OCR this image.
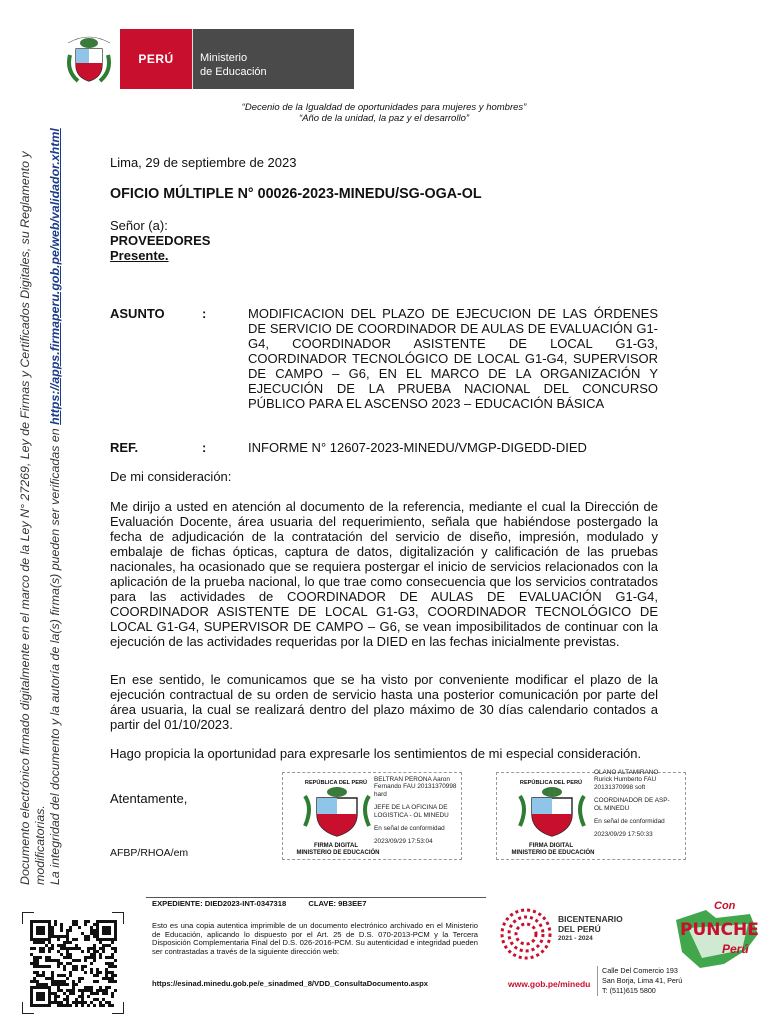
PERÚ	Ministerio
de Educación
“Decenio de la Igualdad de oportunidades para mujeres y hombres”
“Año de la unidad, la paz y el desarrollo”
Documento electrónico firmado digitalmente en el marco de la Ley N° 27269, Ley de Firmas y Certificados Digitales, su Reglamento y modificatorias. La integridad del documento y la autoría de la(s) firma(s) pueden ser verificadas en https://apps.firmaperu.gob.pe/web/validador.xhtml	Lima, 29 de septiembre de 2023
OFICIO MÚLTIPLE N° 00026-2023-MINEDU/SG-OGA-OL
Señor (a):
PROVEEDORES
Presente.
ASUNTO	:	MODIFICACION DEL PLAZO DE EJECUCION DE LAS ÓRDENES DE SERVICIO DE COORDINADOR DE AULAS DE EVALUACIÓN G1-G4, COORDINADOR ASISTENTE DE LOCAL G1-G3, COORDINADOR TECNOLÓGICO DE LOCAL G1-G4, SUPERVISOR DE CAMPO – G6, EN EL MARCO DE LA ORGANIZACIÓN Y EJECUCIÓN DE LA PRUEBA NACIONAL DEL CONCURSO PÚBLICO PARA EL ASCENSO 2023 – EDUCACIÓN BÁSICA
REF.	:	INFORME N° 12607-2023-MINEDU/VMGP-DIGEDD-DIED
De mi consideración:
Me dirijo a usted en atención al documento de la referencia, mediante el cual la Dirección de Evaluación Docente, área usuaria del requerimiento, señala que habiéndose postergado la fecha de adjudicación de la contratación del servicio de diseño, impresión, modulado y embalaje de fichas ópticas, captura de datos, digitalización y calificación de las pruebas nacionales, ha ocasionado que se requiera postergar el inicio de servicios relacionados con la aplicación de la prueba nacional, lo que trae como consecuencia que los servicios contratados para las actividades de COORDINADOR DE AULAS DE EVALUACIÓN G1-G4, COORDINADOR ASISTENTE DE LOCAL G1-G3, COORDINADOR TECNOLÓGICO DE LOCAL G1-G4, SUPERVISOR DE CAMPO – G6, se vean imposibilitados de continuar con la ejecución de las actividades requeridas por la DIED en las fechas inicialmente previstas.
En ese sentido, le comunicamos que se ha visto por conveniente modificar el plazo de la ejecución contractual de su orden de servicio hasta una posterior comunicación por parte del área usuaria, la cual se realizará dentro del plazo máximo de 30 días calendario contados a partir del 01/10/2023.
Hago propicia la oportunidad para expresarle los sentimientos de mi especial consideración.
Atentamente,
AFBP/RHOA/em
REPÚBLICA DEL PERÚ
FIRMA DIGITAL
MINISTERIO DE EDUCACIÓN
BELTRAN PERONA Aaron
Fernando FAU 20131370998
hard
JEFE DE LA OFICINA DE
LOGISTICA - OL MINEDU
En señal de conformidad
2023/09/29 17:53:04
REPÚBLICA DEL PERÚ
FIRMA DIGITAL
MINISTERIO DE EDUCACIÓN
OLANO ALTAMIRANO
Rurick Humberto FAU
20131370998 soft
COORDINADOR DE ASP-
OL MINEDU
En señal de conformidad
2023/09/29 17:50:33
EXPEDIENTE: DIED2023-INT-0347318	CLAVE: 9B3EE7
Esto es una copia autentica imprimible de un documento electrónico archivado en el Ministerio de Educación, aplicando lo dispuesto por el Art. 25 de D.S. 070-2013-PCM y la Tercera Disposición Complementaria Final del D.S. 026-2016-PCM. Su autenticidad e integridad pueden ser contrastadas a través de la siguiente dirección web:
https://esinad.minedu.gob.pe/e_sinadmed_8/VDD_ConsultaDocumento.aspx
BICENTENARIO
DEL PERÚ
2021 - 2024
Con
PUNCHE
Perú
www.gob.pe/minedu
Calle Del Comercio 193
San Borja, Lima 41, Perú
T: (511)615 5800
